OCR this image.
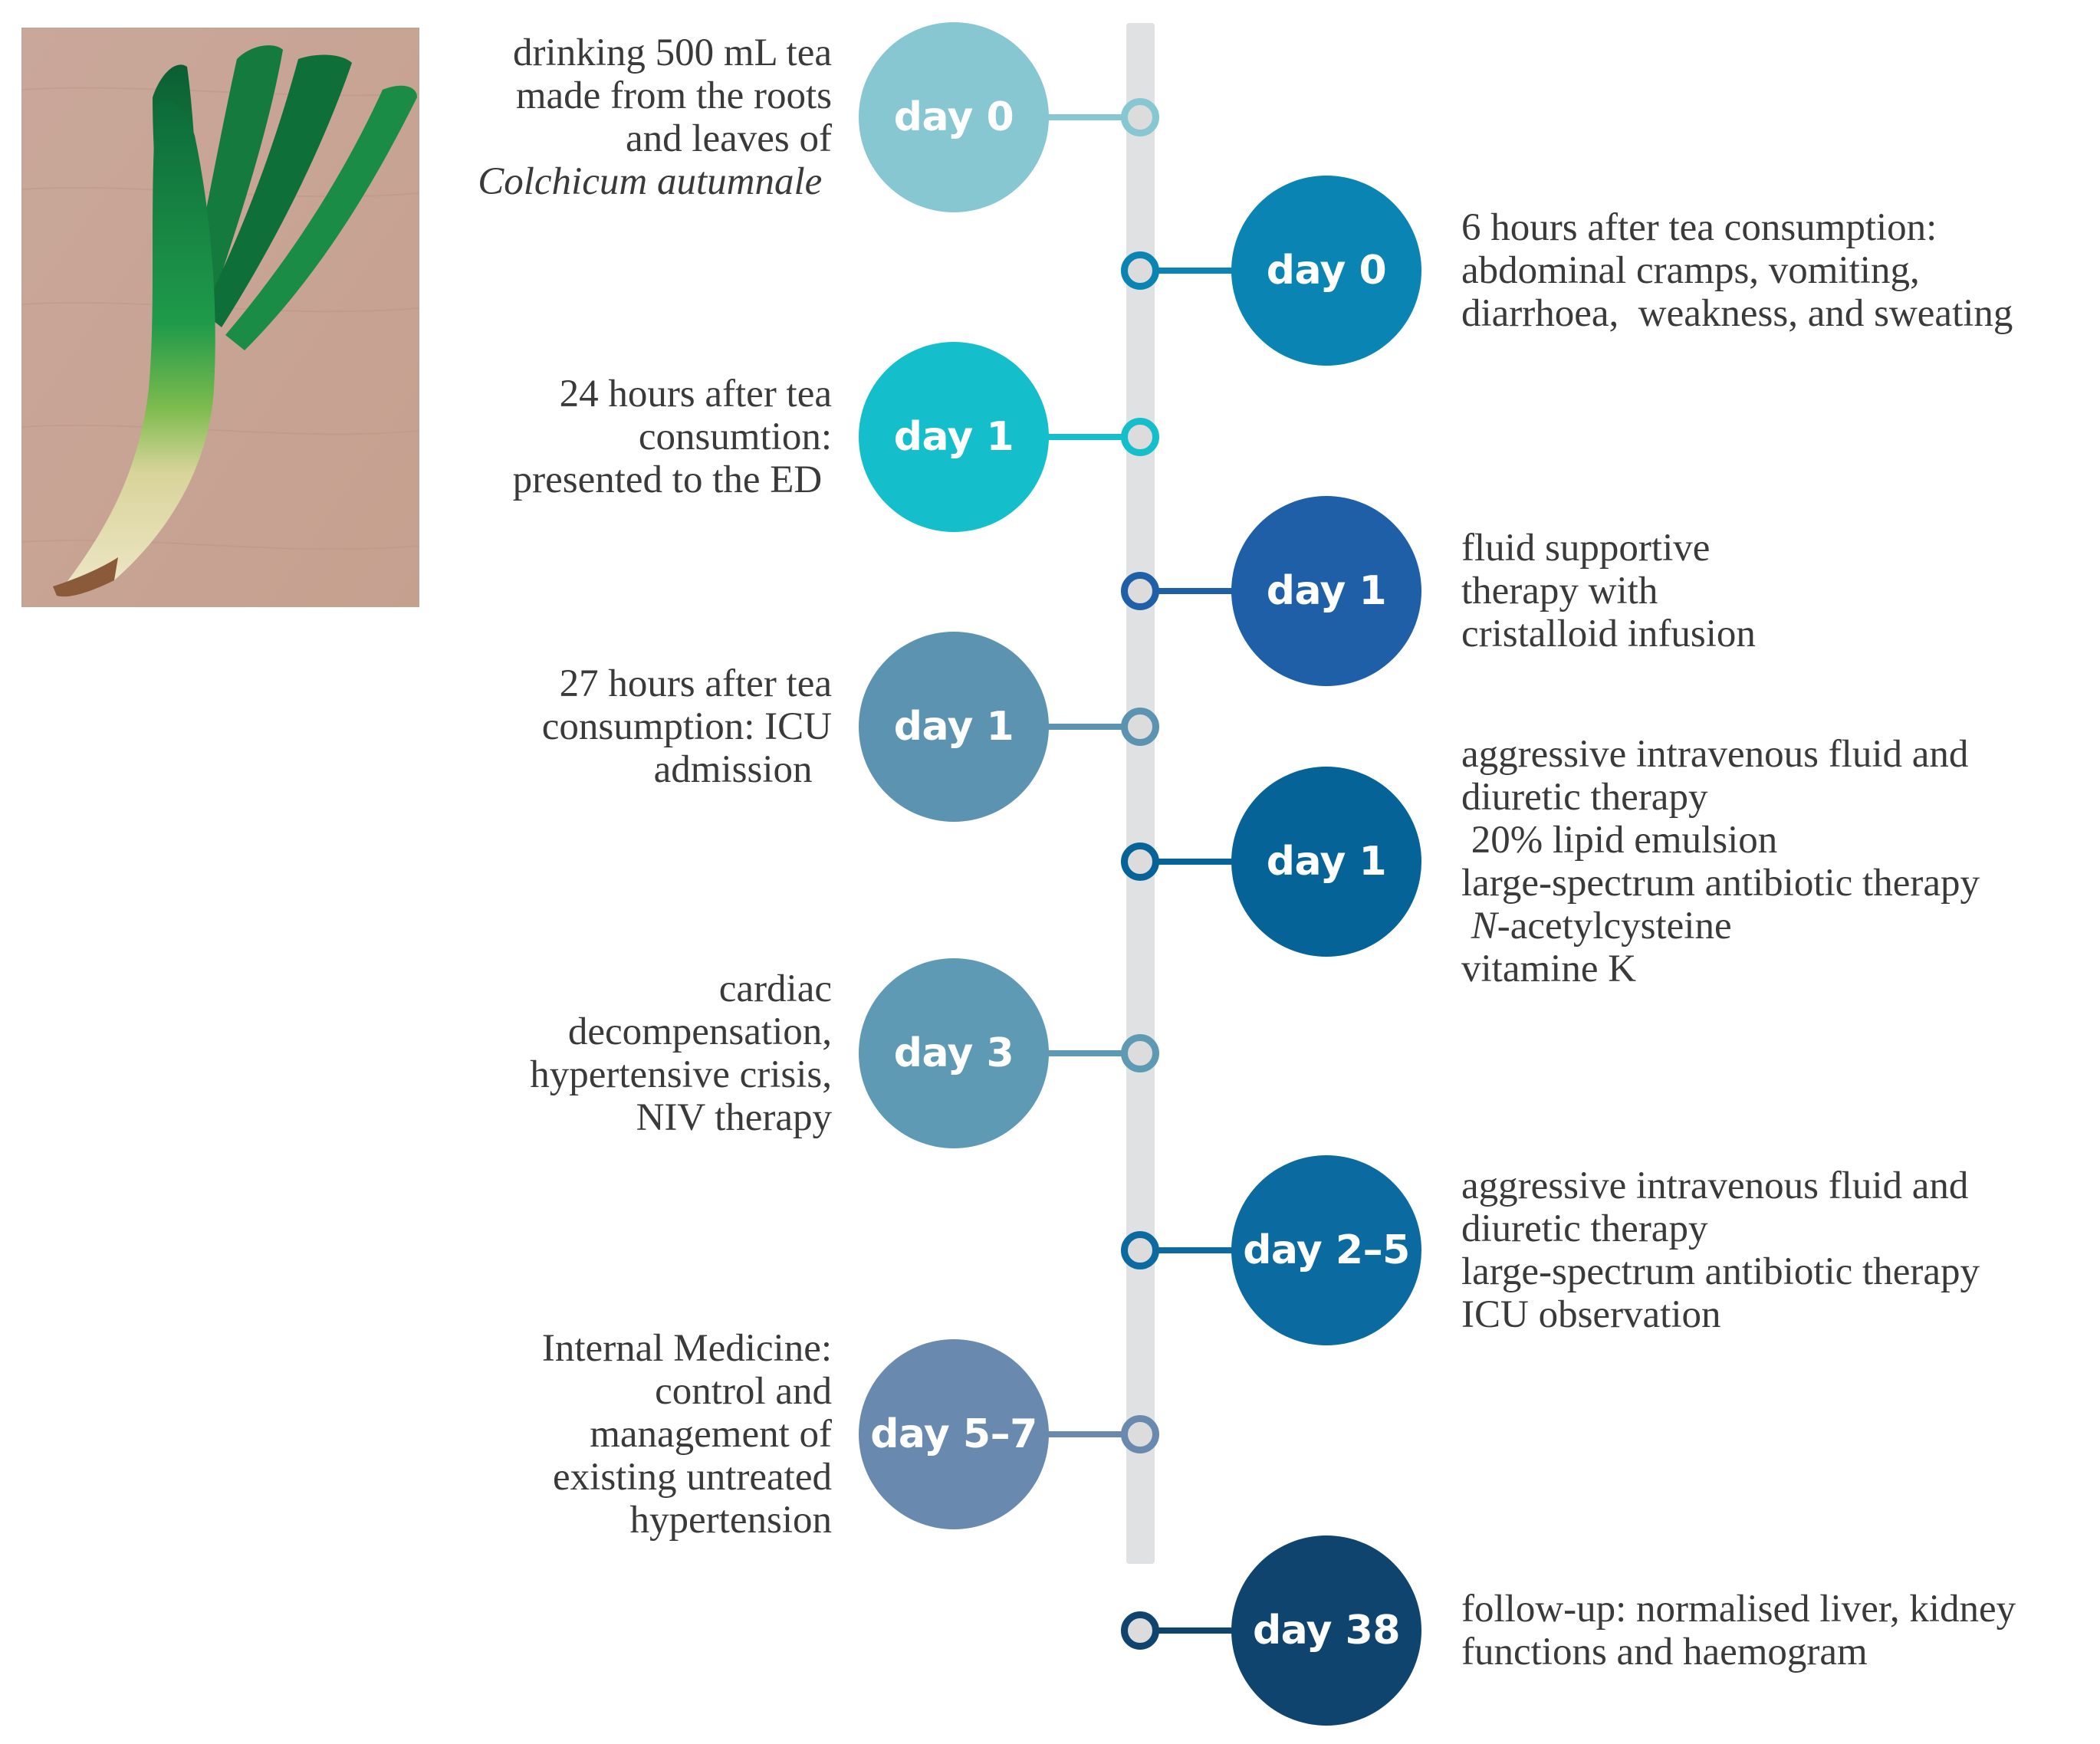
day 0
drinking 500 mL tea
made from the roots
and leaves of
Colchicum autumnale
day 0
6 hours after tea consumption:
abdominal cramps, vomiting,
diarrhoea,  weakness, and sweating
day 1
24 hours after tea
consumtion:
presented to the ED
day 1
fluid supportive
therapy with
cristalloid infusion
day 1
27 hours after tea
consumption: ICU
admission
day 1
aggressive intravenous fluid and
diuretic therapy
20% lipid emulsion
large-spectrum antibiotic therapy
N-acetylcysteine
vitamine K
day 3
cardiac
decompensation,
hypertensive crisis,
NIV therapy
day 2–5
aggressive intravenous fluid and
diuretic therapy
large-spectrum antibiotic therapy
ICU observation
day 5–7
Internal Medicine:
control and
management of
existing untreated
hypertension
day 38	follow-up: normalised liver, kidney
functions and haemogram
